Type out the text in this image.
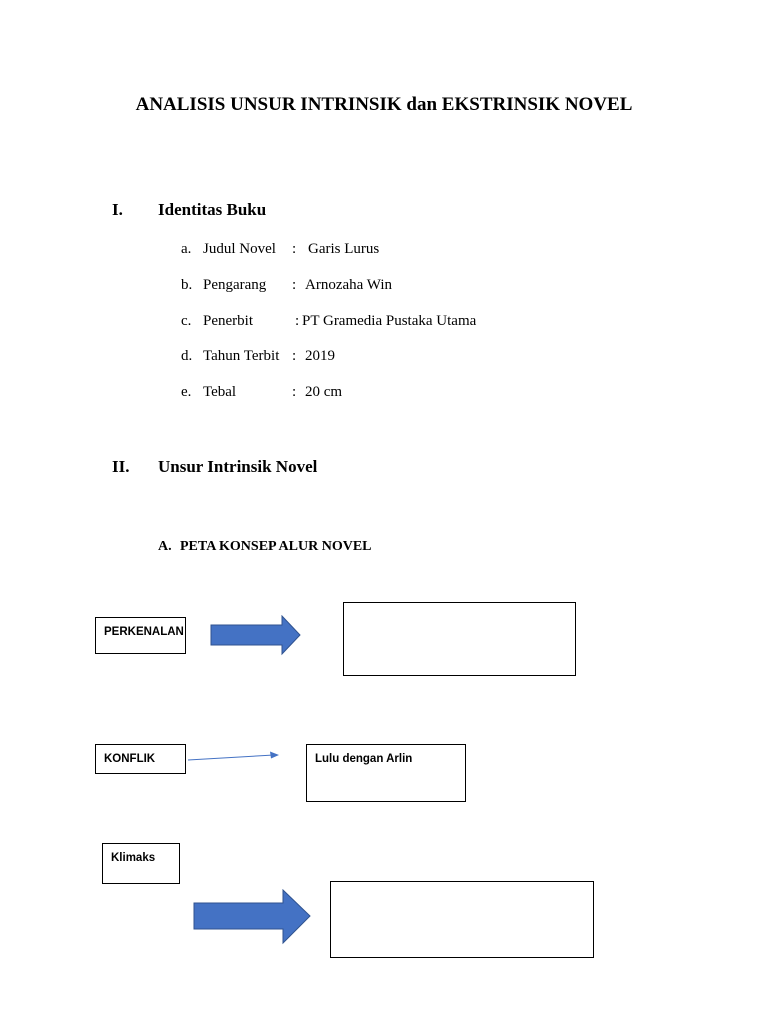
ANALISIS UNSUR INTRINSIK dan EKSTRINSIK NOVEL
I. Identitas Buku
a. Judul Novel : Garis Lurus
b. Pengarang : Arnozaha Win
c. Penerbit	: PT Gramedia Pustaka Utama
d. Tahun Terbit : 2019
e. Tebal	: 20 cm
II. Unsur Intrinsik Novel
A. PETA KONSEP ALUR NOVEL
PERKENALAN
KONFLIK	Lulu dengan Arlin
Klimaks
